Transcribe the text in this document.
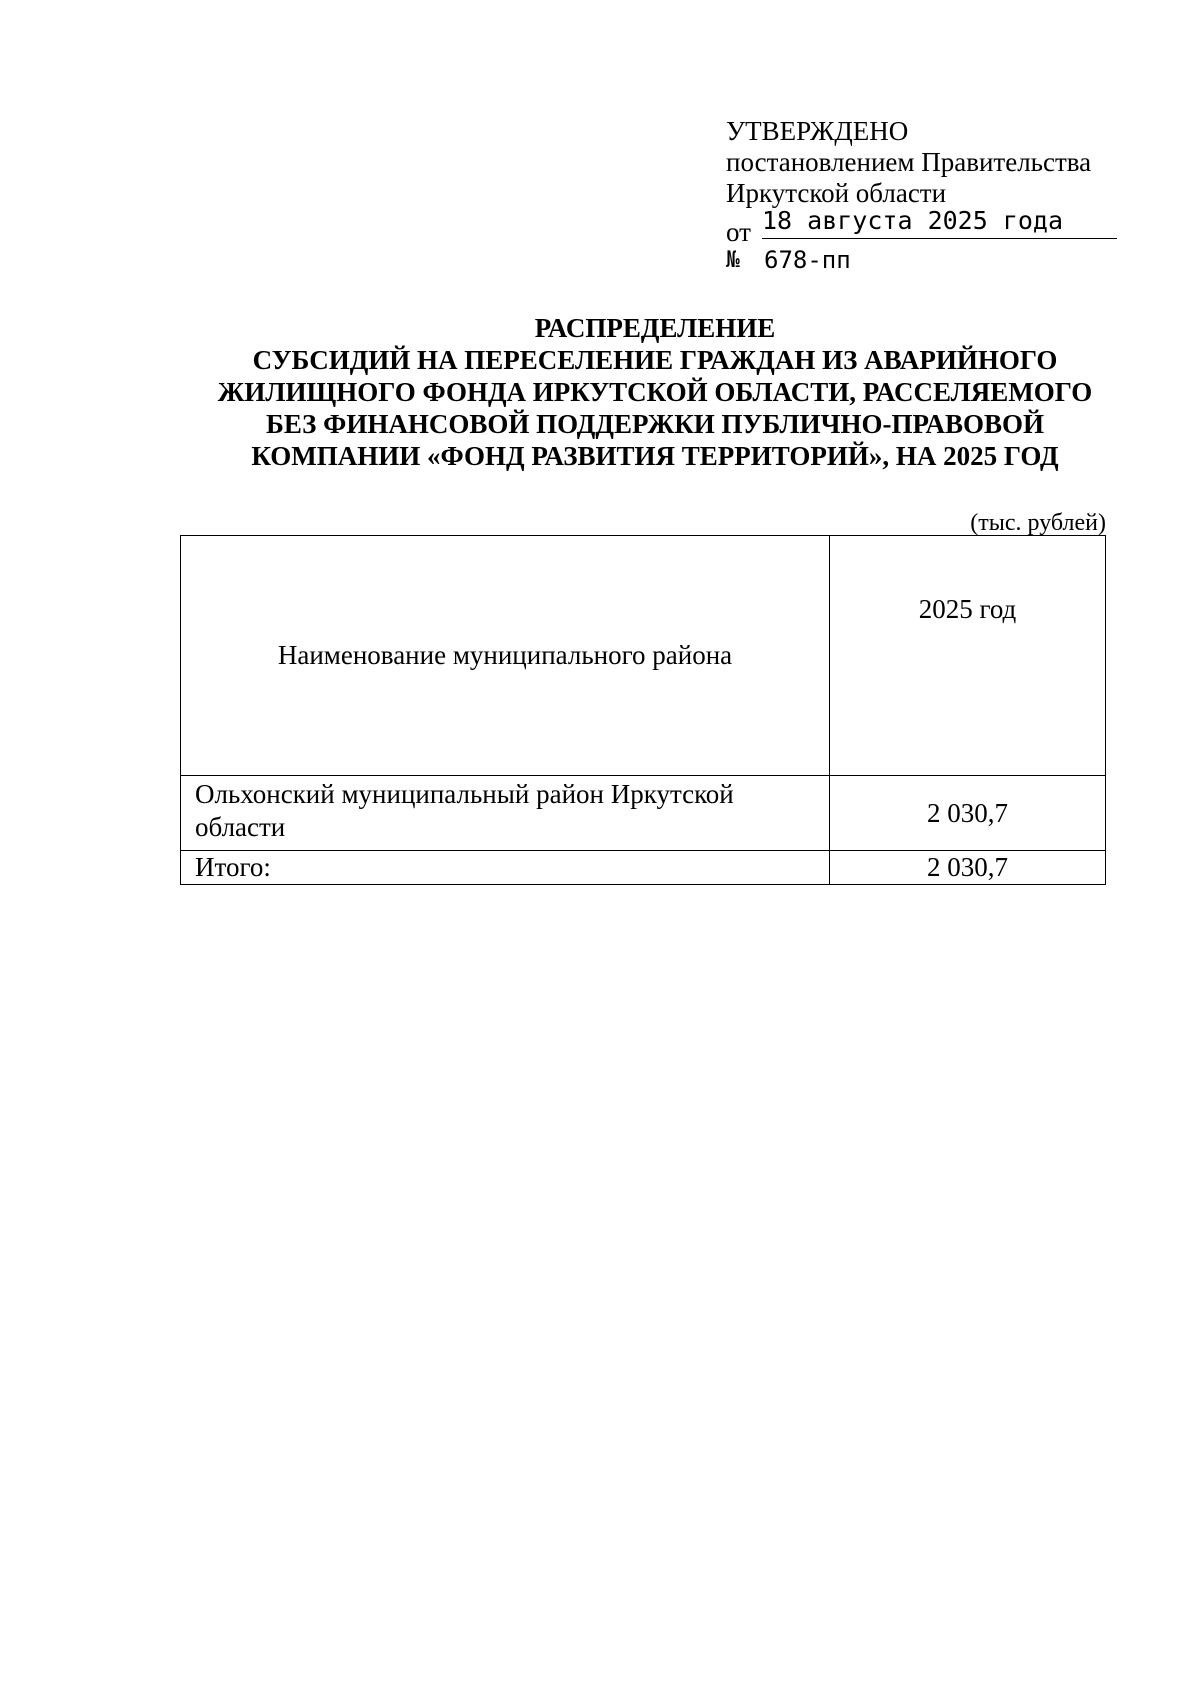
УТВЕРЖДЕНО
постановлением Правительства
Иркутской области
от 18 августа 2025 года
№ 678-пп
РАСПРЕДЕЛЕНИЕ
СУБСИДИЙ НА ПЕРЕСЕЛЕНИЕ ГРАЖДАН ИЗ АВАРИЙНОГО
ЖИЛИЩНОГО ФОНДА ИРКУТСКОЙ ОБЛАСТИ, РАССЕЛЯЕМОГО
БЕЗ ФИНАНСОВОЙ ПОДДЕРЖКИ ПУБЛИЧНО-ПРАВОВОЙ
КОМПАНИИ «ФОНД РАЗВИТИЯ ТЕРРИТОРИЙ», НА 2025 ГОД
(тыс. рублей)
Наименование муниципального района	2025 год
Ольхонский муниципальный район Иркутской области	2 030,7
Итого:	2 030,7
